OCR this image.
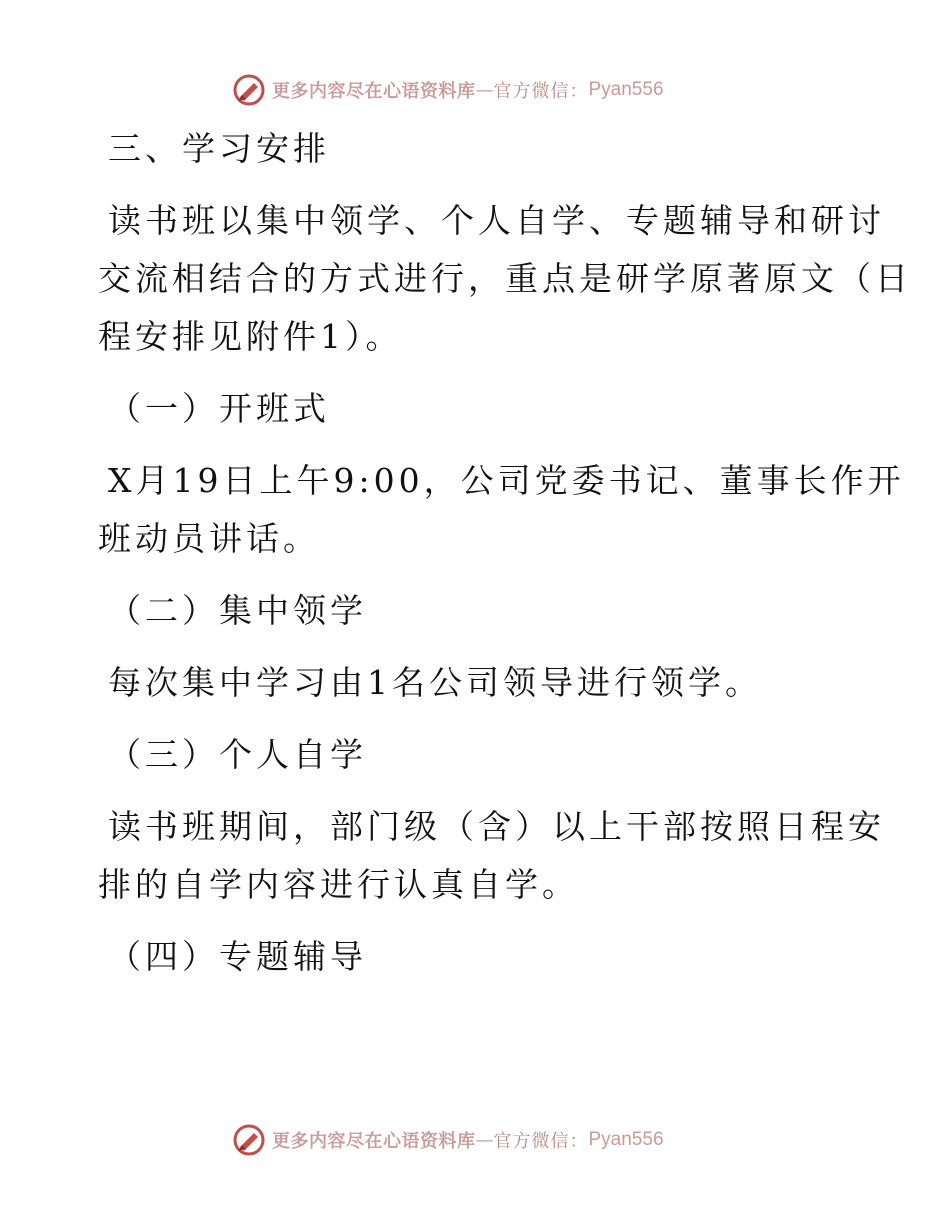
更多内容尽在心语资料库 — 官方微信： Pyan556

三、学习安排

读书班以集中领学、个人自学、专题辅导和研讨

交流相结合的方式进行，重点是研学原著原文（日

程安排见附件1）。

（一）开班式

X月19日上午9:00，公司党委书记、董事长作开

班动员讲话。

（二）集中领学

每次集中学习由1名公司领导进行领学。

（三）个人自学

读书班期间，部门级（含）以上干部按照日程安

排的自学内容进行认真自学。

（四）专题辅导

更多内容尽在心语资料库 — 官方微信： Pyan556
